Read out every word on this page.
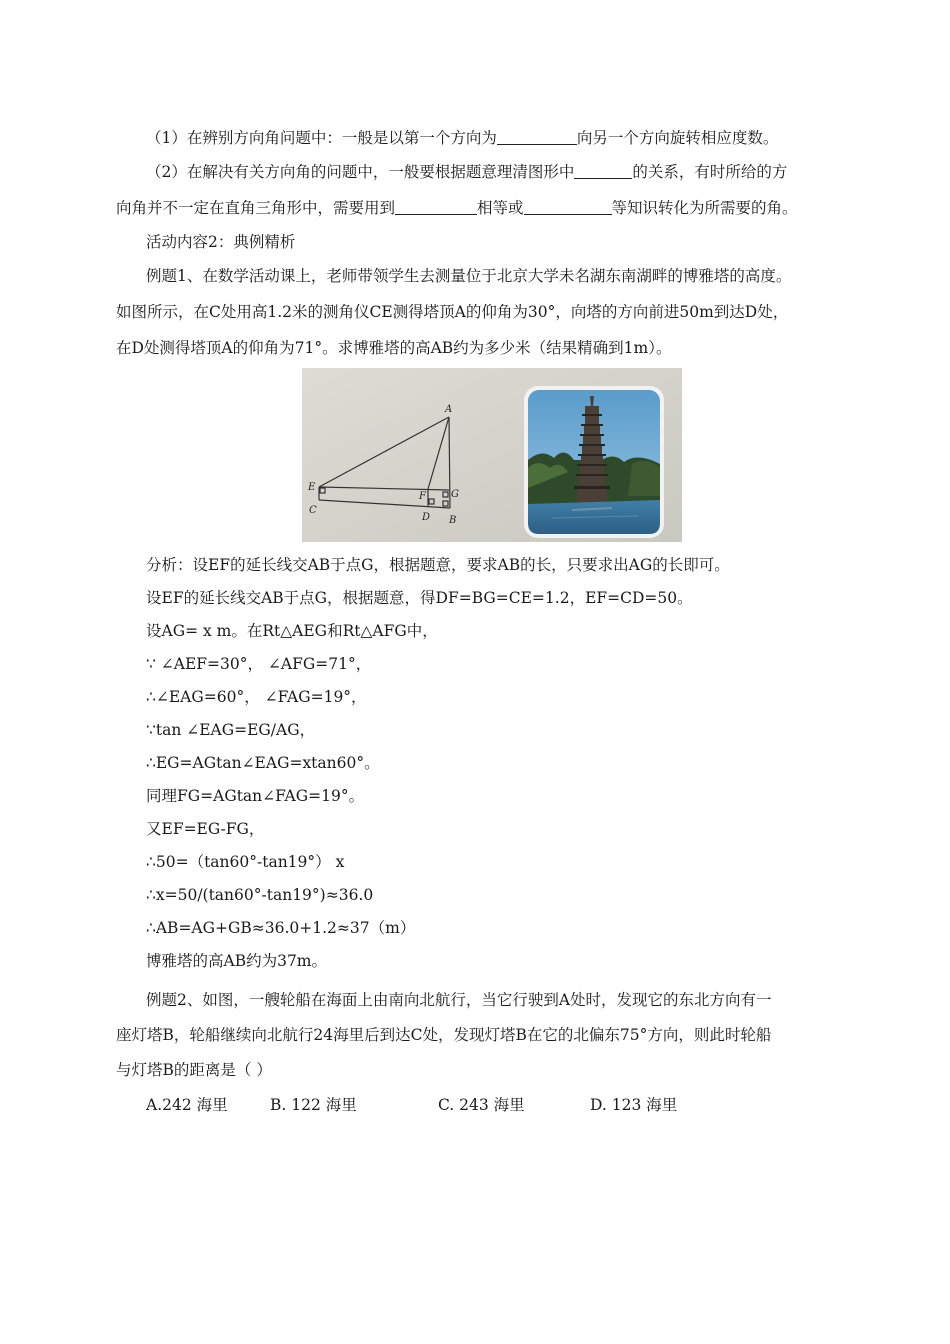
（1）在辨别方向角问题中：一般是以第一个方向为	向另一个方向旋转相应度数。
（2）在解决有关方向角的问题中，一般要根据题意理清图形中	的关系，有时所给的方
向角并不一定在直角三角形中，需要用到	相等或	等知识转化为所需要的角。
活动内容2：典例精析
例题1、在数学活动课上，老师带领学生去测量位于北京大学未名湖东南湖畔的博雅塔的高度。
如图所示，在C处用高1.2米的测角仪CE测得塔顶A的仰角为30°，向塔的方向前进50m到达D处，
在D处测得塔顶A的仰角为71°。求博雅塔的高AB约为多少米（结果精确到1m）。
A
B
C
D
E
F	G
分析：设EF的延长线交AB于点G，根据题意，要求AB的长，只要求出AG的长即可。
设EF的延长线交AB于点G，根据题意，得DF=BG=CE=1.2，EF=CD=50。
设AG= x m。在Rt△AEG和Rt△AFG中，
∵ ∠AEF=30°， ∠AFG=71°，
∴∠EAG=60°， ∠FAG=19°，
∵tan ∠EAG=EG/AG，
∴EG=AGtan∠EAG=xtan60°。
同理FG=AGtan∠FAG=19°。
又EF=EG-FG，
∴50=（tan60°-tan19°） x
∴x=50/(tan60°-tan19°)≈36.0
∴AB=AG+GB≈36.0+1.2≈37（m）
博雅塔的高AB约为37m。
例题2、如图，一艘轮船在海面上由南向北航行，当它行驶到A处时，发现它的东北方向有一
座灯塔B，轮船继续向北航行24海里后到达C处，发现灯塔B在它的北偏东75°方向，则此时轮船
与灯塔B的距离是（ ）
A.242 海里	B. 122 海里	C. 243 海里	D. 123 海里
